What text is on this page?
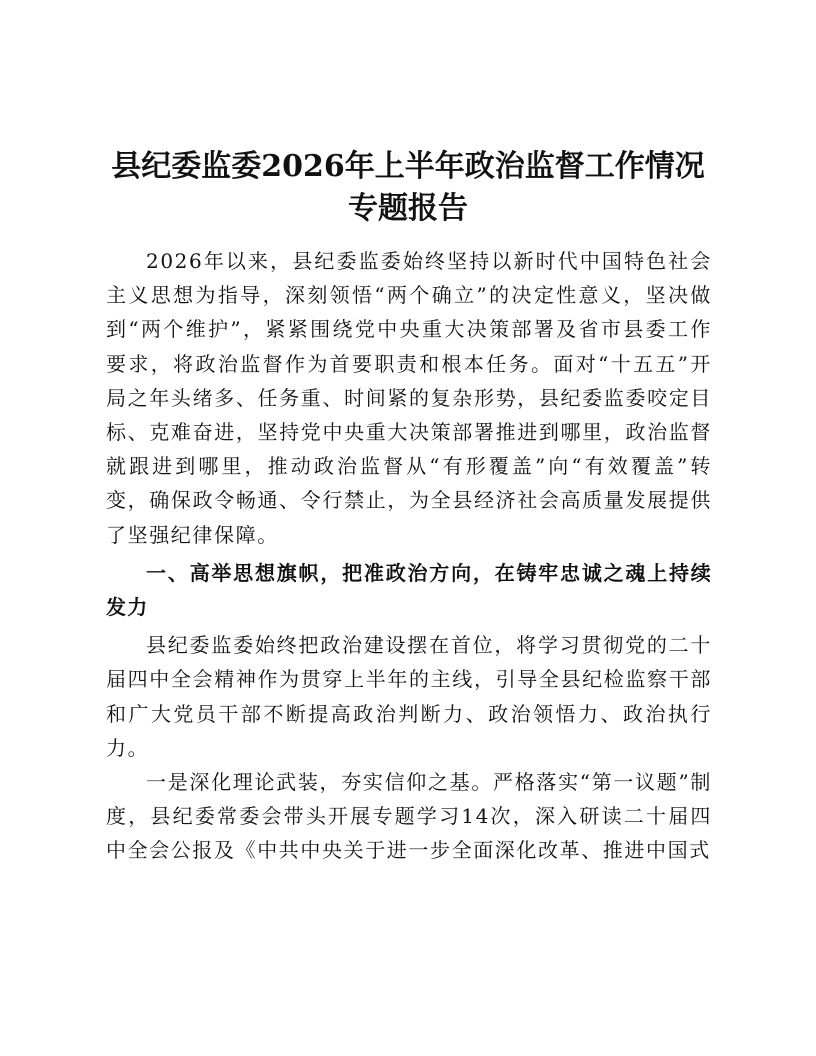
县纪委监委2026年上半年政治监督工作情况专题报告

2026年以来，县纪委监委始终坚持以新时代中国特色社会主义思想为指导，深刻领悟“两个确立”的决定性意义，坚决做到“两个维护”，紧紧围绕党中央重大决策部署及省市县委工作要求，将政治监督作为首要职责和根本任务。面对“十五五”开局之年头绪多、任务重、时间紧的复杂形势，县纪委监委咬定目标、克难奋进，坚持党中央重大决策部署推进到哪里，政治监督就跟进到哪里，推动政治监督从“有形覆盖”向“有效覆盖”转变，确保政令畅通、令行禁止，为全县经济社会高质量发展提供了坚强纪律保障。

一、高举思想旗帜，把准政治方向，在铸牢忠诚之魂上持续发力

县纪委监委始终把政治建设摆在首位，将学习贯彻党的二十届四中全会精神作为贯穿上半年的主线，引导全县纪检监察干部和广大党员干部不断提高政治判断力、政治领悟力、政治执行力。

一是深化理论武装，夯实信仰之基。严格落实“第一议题”制度，县纪委常委会带头开展专题学习14次，深入研读二十届四中全会公报及《中共中央关于进一步全面深化改革、推进中国式
